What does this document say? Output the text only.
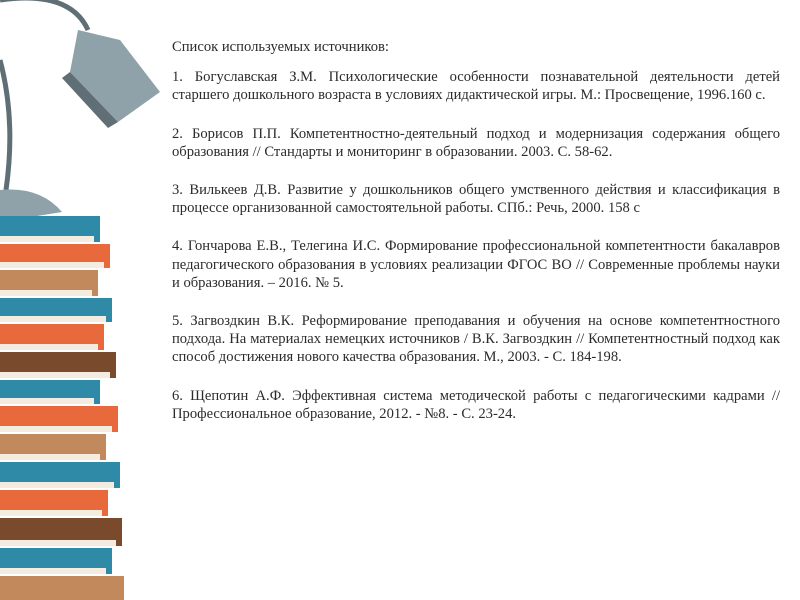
Список используемых источников:
1. Богуславская З.М. Психологические особенности познавательной деятельности детей старшего дошкольного возраста в условиях дидактической игры. М.: Просвещение, 1996.160 с.
2. Борисов П.П. Компетентностно-деятельный подход и модернизация содержания общего образования // Стандарты и мониторинг в образовании. 2003. С. 58-62.
3. Вилькеев Д.В. Развитие у дошкольников общего умственного действия и классификация в процессе организованной самостоятельной работы. СПб.: Речь, 2000. 158 с
4. Гончарова Е.В., Телегина И.С. Формирование профессиональной компетентности бакалавров педагогического образования в условиях реализации ФГОС ВО // Современные проблемы науки и образования. – 2016. № 5.
5. Загвоздкин В.К. Реформирование преподавания и обучения на основе компетентностного подхода. На материалах немецких источников / В.К. Загвоздкин // Компетентностный подход как способ достижения нового качества образования. М., 2003. - С. 184-198.
6. Щепотин А.Ф. Эффективная система методической работы с педагогическими кадрами // Профессиональное образование, 2012. - №8. - С. 23-24.
